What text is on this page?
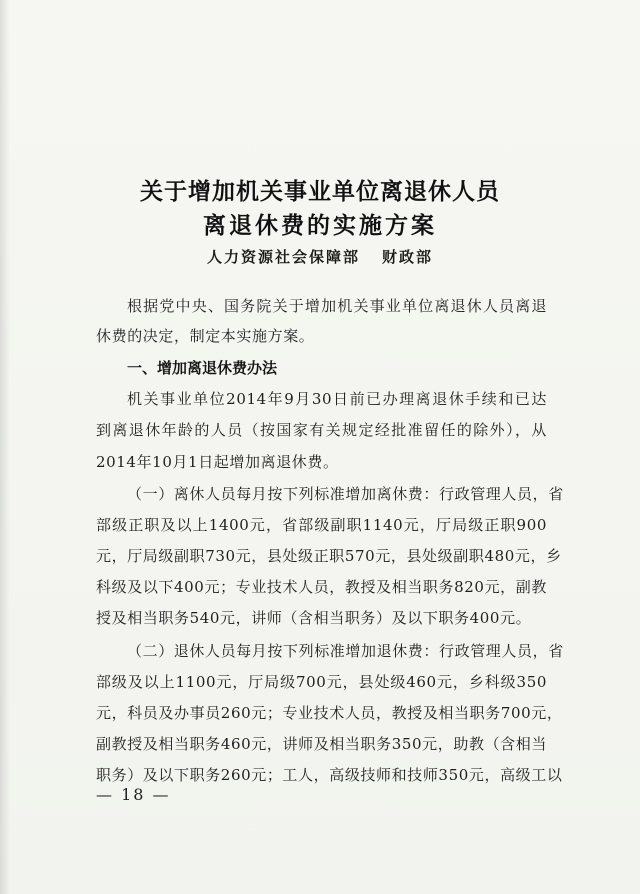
关于增加机关事业单位离退休人员
离退休费的实施方案
人力资源社会保障部 财政部
根据党中央、国务院关于增加机关事业单位离退休人员离退
休费的决定，制定本实施方案。
一、增加离退休费办法
机关事业单位2014年9月30日前已办理离退休手续和已达
到离退休年龄的人员（按国家有关规定经批准留任的除外），从
2014年10月1日起增加离退休费。
（一）离休人员每月按下列标准增加离休费：行政管理人员，省
部级正职及以上1400元，省部级副职1140元，厅局级正职900
元，厅局级副职730元，县处级正职570元，县处级副职480元，乡
科级及以下400元；专业技术人员，教授及相当职务820元，副教
授及相当职务540元，讲师（含相当职务）及以下职务400元。
（二）退休人员每月按下列标准增加退休费：行政管理人员，省
部级及以上1100元，厅局级700元，县处级460元，乡科级350
元，科员及办事员260元；专业技术人员，教授及相当职务700元，
副教授及相当职务460元，讲师及相当职务350元，助教（含相当
职务）及以下职务260元；工人，高级技师和技师350元，高级工以
— 18 —
